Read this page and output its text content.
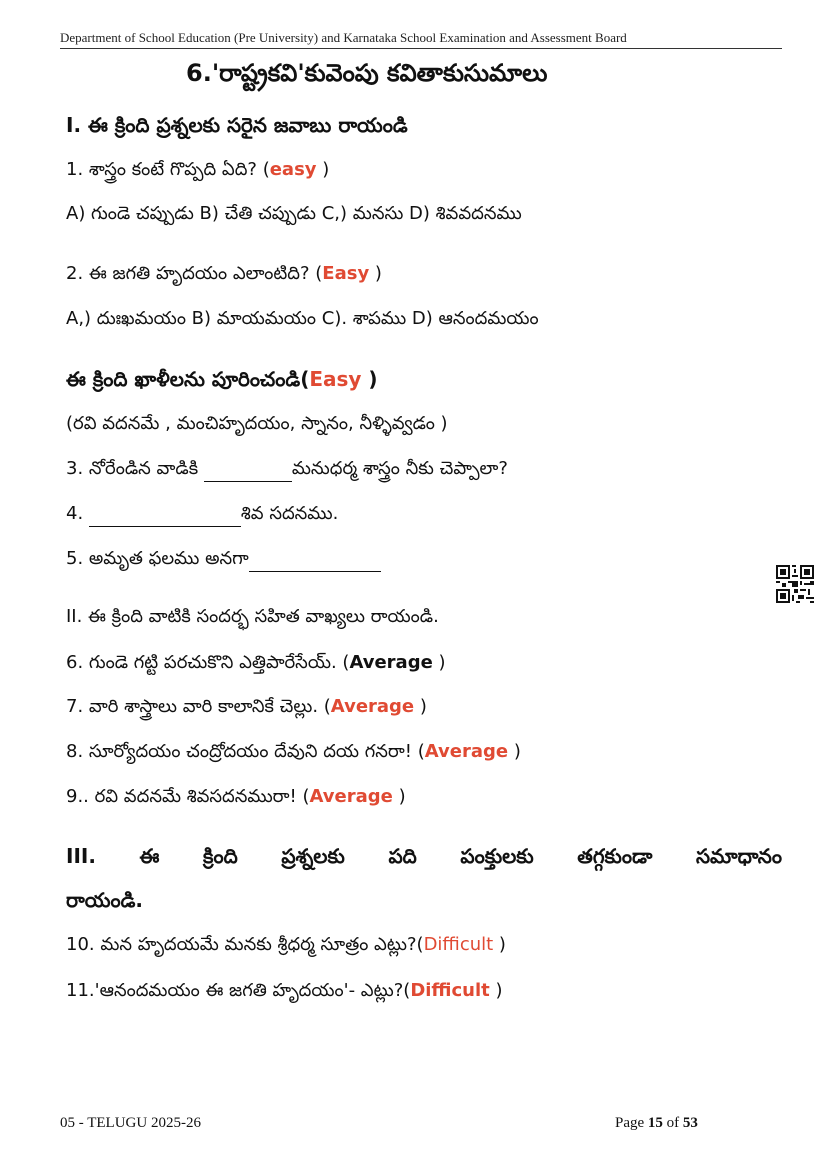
Department of School Education (Pre University) and Karnataka School Examination and Assessment Board
6.'రాష్ట్రకవి'కువెంపు కవితాకుసుమాలు
I. ఈ క్రింది ప్రశ్నలకు సరైన జవాబు రాయండి
1. శాస్త్రం కంటే గొప్పది ఏది? (easy )
A) గుండె చప్పుడు B) చేతి చప్పుడు C,) మనసు D) శివవదనము
2. ఈ జగతి హృదయం ఎలాంటిది? (Easy )
A,) దుఃఖమయం B) మాయమయం C). శాపము D) ఆనందమయం
ఈ క్రింది ఖాళీలను పూరించండి(Easy )
(రవి వదనమే , మంచిహృదయం, స్నానం, నీళ్ళివ్వడం )
3. నోరేండిన వాడికి	మనుధర్మ శాస్త్రం నీకు చెప్పాలా?
4.	శివ సదనము.
5. అమృత ఫలము అనగా
II. ఈ క్రింది వాటికి సందర్భ సహిత వాఖ్యలు రాయండి.
6. గుండె గట్టి పరచుకొని ఎత్తిపారేసేయ్. (Average )
7. వారి శాస్త్రాలు వారి కాలానికే చెల్లు. (Average )
8. సూర్యోదయం చంద్రోదయం దేవుని దయ గనరా! (Average )
9.. రవి వదనమే శివసదనమురా! (Average )
III. ఈ క్రింది ప్రశ్నలకు పది పంక్తులకు తగ్గకుండా సమాధానం
రాయండి.
10. మన హృదయమే మనకు శ్రీధర్మ సూత్రం ఎట్లు?(Difficult )
11.'ఆనందమయం ఈ జగతి హృదయం'- ఎట్లు?(Difficult )
05 - TELUGU 2025-26	Page 15 of 53
